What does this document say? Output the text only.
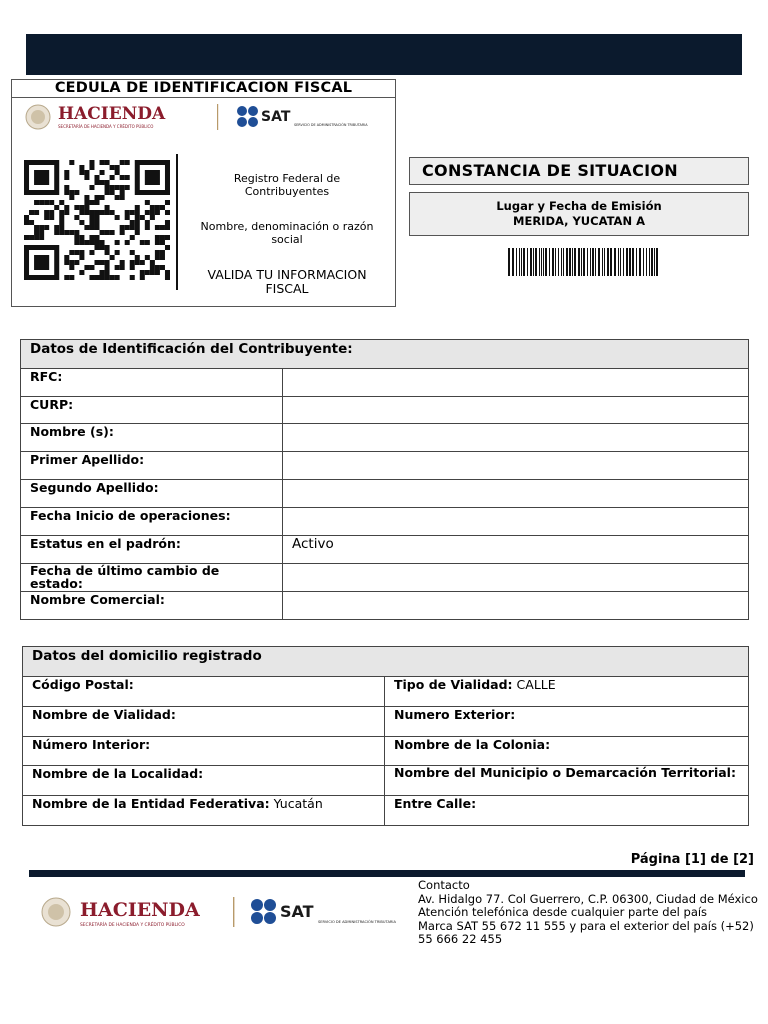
CEDULA DE IDENTIFICACION FISCAL
HACIENDA
SECRETARÍA DE HACIENDA Y CRÉDITO PÚBLICO
SAT SERVICIO DE ADMINISTRACIÓN TRIBUTARIA
Registro Federal de Contribuyentes
Nombre, denominación o razón social
VALIDA TU INFORMACION FISCAL
CONSTANCIA DE SITUACION
Lugar y Fecha de Emisión
MERIDA, YUCATAN A
Datos de Identificación del Contribuyente:	
RFC:	
CURP:	
Nombre (s):	
Primer Apellido:	
Segundo Apellido:	
Fecha Inicio de operaciones:	
Estatus en el padrón:	Activo
Fecha de último cambio de estado:	
Nombre Comercial:	
Datos del domicilio registrado	
Código Postal:	Tipo de Vialidad: CALLE
Nombre de Vialidad:	Numero Exterior:
Número Interior:	Nombre de la Colonia:
Nombre de la Localidad:	Nombre del Municipio o Demarcación Territorial:
Nombre de la Entidad Federativa: Yucatán	Entre Calle:
Página [1] de [2]
HACIENDA
SECRETARÍA DE HACIENDA Y CRÉDITO PÚBLICO
SAT
SERVICIO DE ADMINISTRACIÓN TRIBUTARIA
Contacto
Av. Hidalgo 77. Col Guerrero, C.P. 06300, Ciudad de México
Atención telefónica desde cualquier parte del país
Marca SAT 55 672 11 555 y para el exterior del país (+52) 55 666 22 455
